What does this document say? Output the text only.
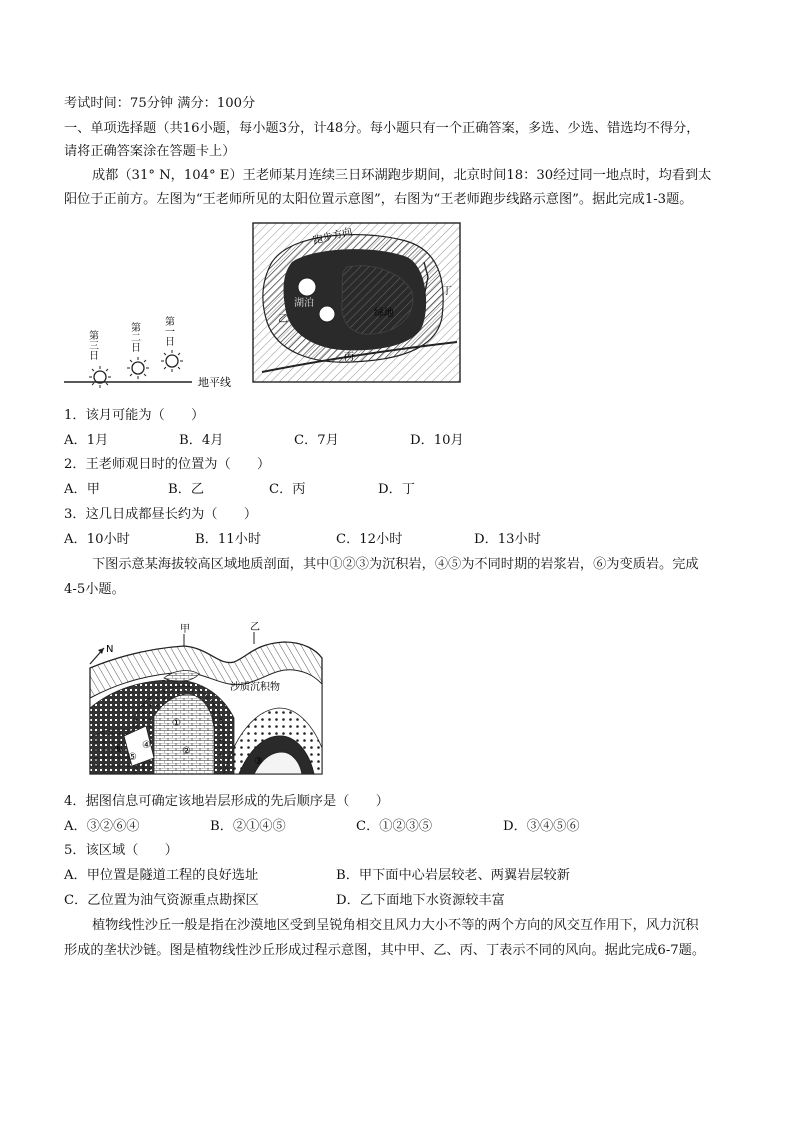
考试时间：75分钟 满分：100分
一、单项选择题（共16小题，每小题3分，计48分。每小题只有一个正确答案，多选、少选、错选均不得分，
请将正确答案涂在答题卡上）
成都（31° N，104° E）王老师某月连续三日环湖跑步期间，北京时间18：30经过同一地点时，均看到太
阳位于正前方。左图为“王老师所见的太阳位置示意图”，右图为“王老师跑步线路示意图”。据此完成1-3题。
第三日	第二日 第一日
地平线
跑步方向
甲
乙
丙
丁
湖泊
绿地
1．该月可能为（　　）
A．1月	B．4月	C．7月	D．10月
2．王老师观日时的位置为（　　）
A．甲	B．乙	C．丙	D．丁
3．这几日成都昼长约为（　　）
A．10小时	B．11小时	C．12小时	D．13小时
下图示意某海拔较高区域地质剖面，其中①②③为沉积岩，④⑤为不同时期的岩浆岩，⑥为变质岩。完成
4-5小题。
甲	乙
N
沙质沉积物
①
②
③
④
⑤
⑥
4．据图信息可确定该地岩层形成的先后顺序是（　　）
A．③②⑥④	B．②①④⑤	C．①②③⑤	D．③④⑤⑥
5．该区域（　　）
A．甲位置是隧道工程的良好选址	B．甲下面中心岩层较老、两翼岩层较新
C．乙位置为油气资源重点勘探区	D．乙下面地下水资源较丰富
植物线性沙丘一般是指在沙漠地区受到呈锐角相交且风力大小不等的两个方向的风交互作用下，风力沉积
形成的垄状沙链。图是植物线性沙丘形成过程示意图，其中甲、乙、丙、丁表示不同的风向。据此完成6-7题。
